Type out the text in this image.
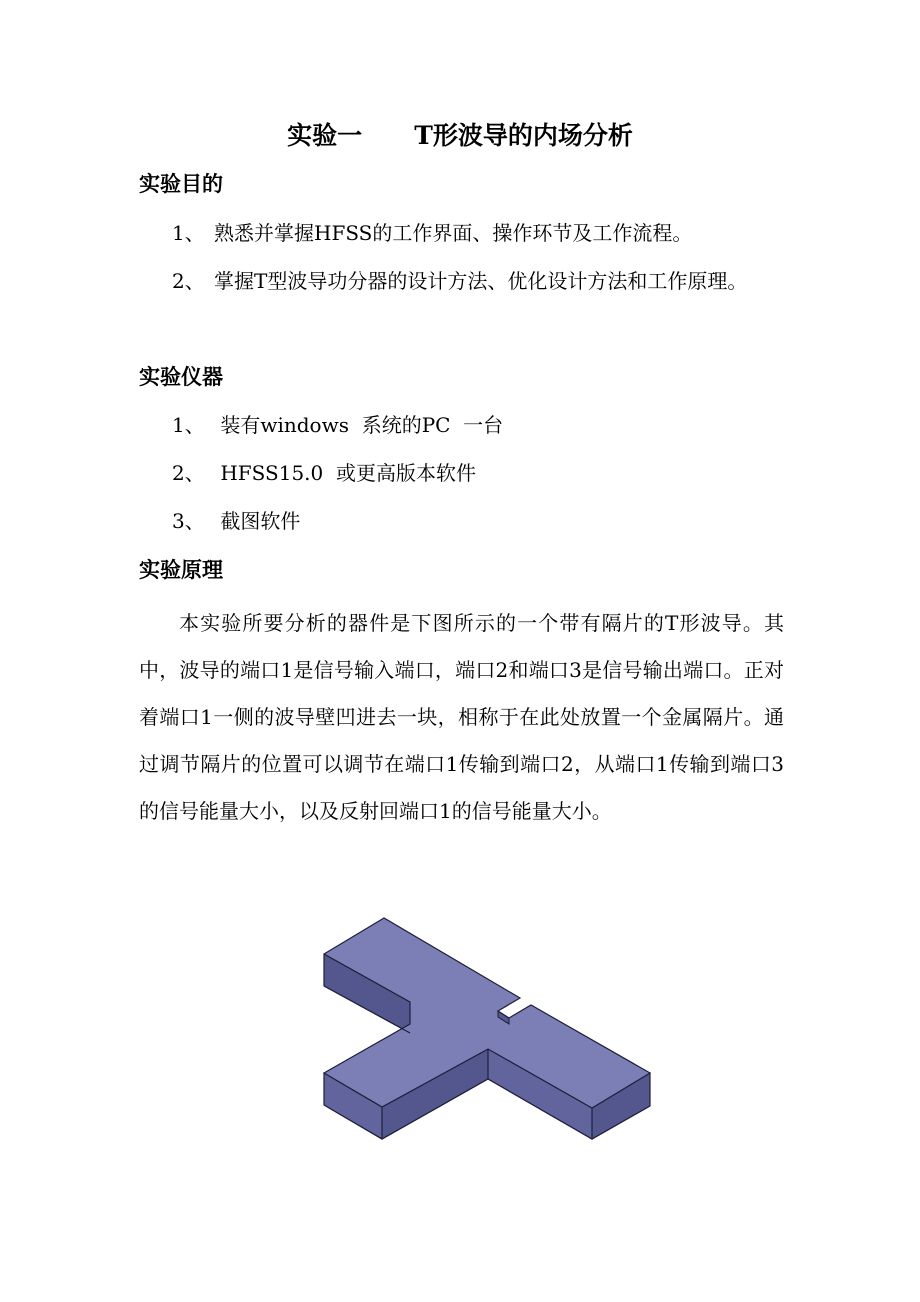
实验一      T形波导的内场分析
实验目的
1、 熟悉并掌握HFSS的工作界面、操作环节及工作流程。
2、 掌握T型波导功分器的设计方法、优化设计方法和工作原理。
实验仪器
1、 装有windows  系统的PC  一台
2、 HFSS15.0  或更高版本软件
3、 截图软件
实验原理
本实验所要分析的器件是下图所示的一个带有隔片的T形波导。其中，波导的端口1是信号输入端口，端口2和端口3是信号输出端口。正对着端口1一侧的波导壁凹进去一块，相称于在此处放置一个金属隔片。通过调节隔片的位置可以调节在端口1传输到端口2，从端口1传输到端口3的信号能量大小，以及反射回端口1的信号能量大小。
